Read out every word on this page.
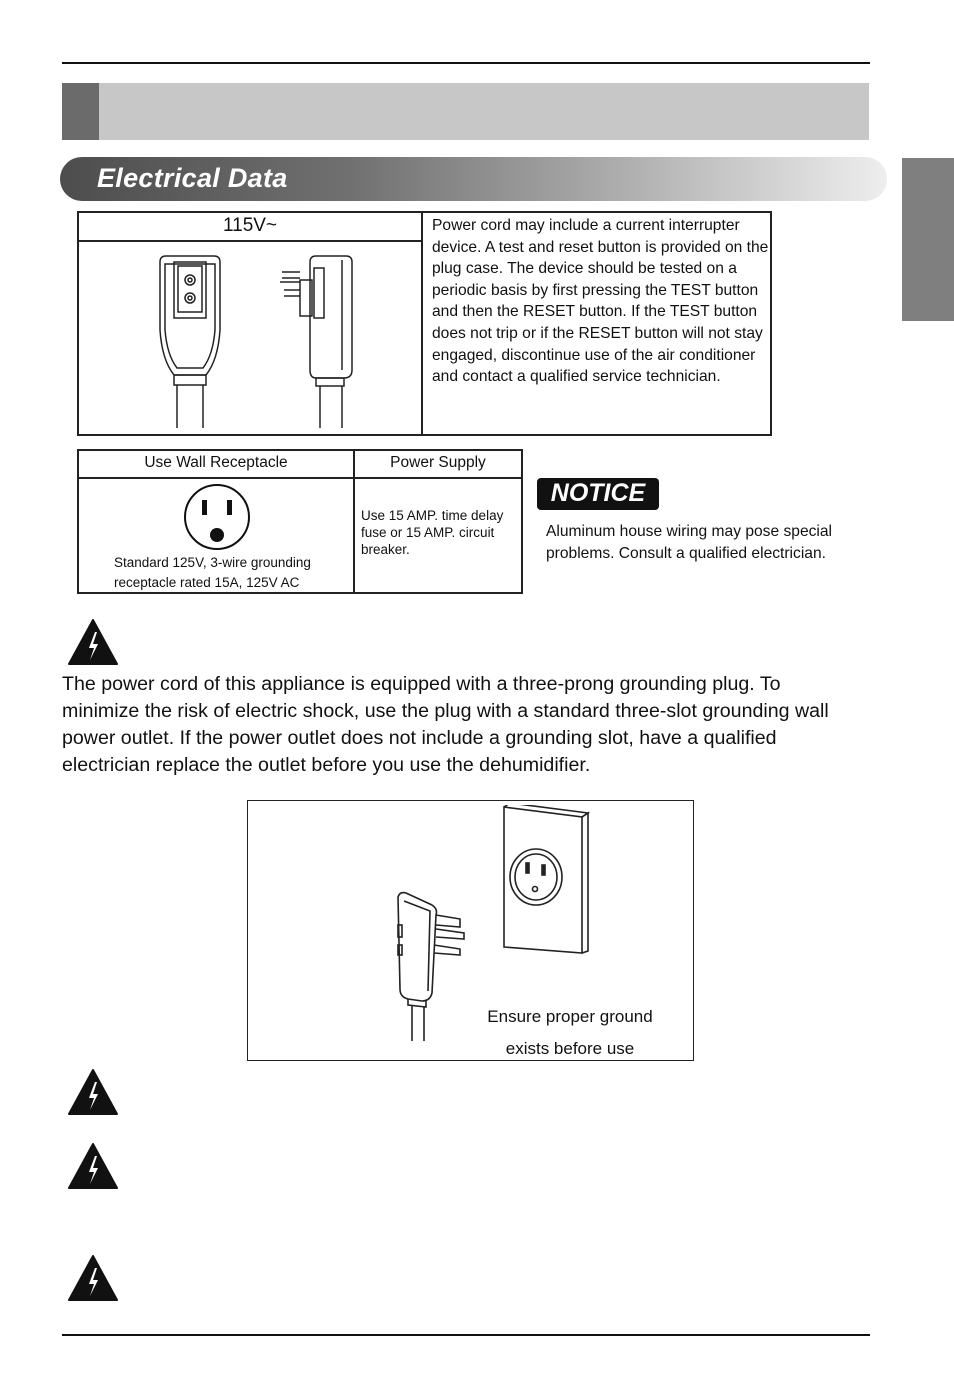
Electrical Data
115V~	Power cord may include a current interrupter device. A test and reset button is provided on the plug case. The device should be tested on a periodic basis by first pressing the TEST button and then the RESET button. If the TEST button does not trip or if the RESET button will not stay engaged, discontinue use of the air conditioner and contact a qualified service technician.
Use Wall Receptacle	Power Supply
Standard 125V, 3-wire grounding receptacle rated 15A, 125V AC
Use 15 AMP. time delay fuse or 15 AMP. circuit breaker.
NOTICE
Aluminum house wiring may pose special problems. Consult a qualified electrician.
The power cord of this appliance is equipped with a three-prong grounding plug. To minimize the risk of electric shock, use the plug with a standard three-slot grounding wall power outlet. If the power outlet does not include a grounding slot, have a qualified electrician replace the outlet before you use the dehumidifier.
Ensure proper ground
exists before use
